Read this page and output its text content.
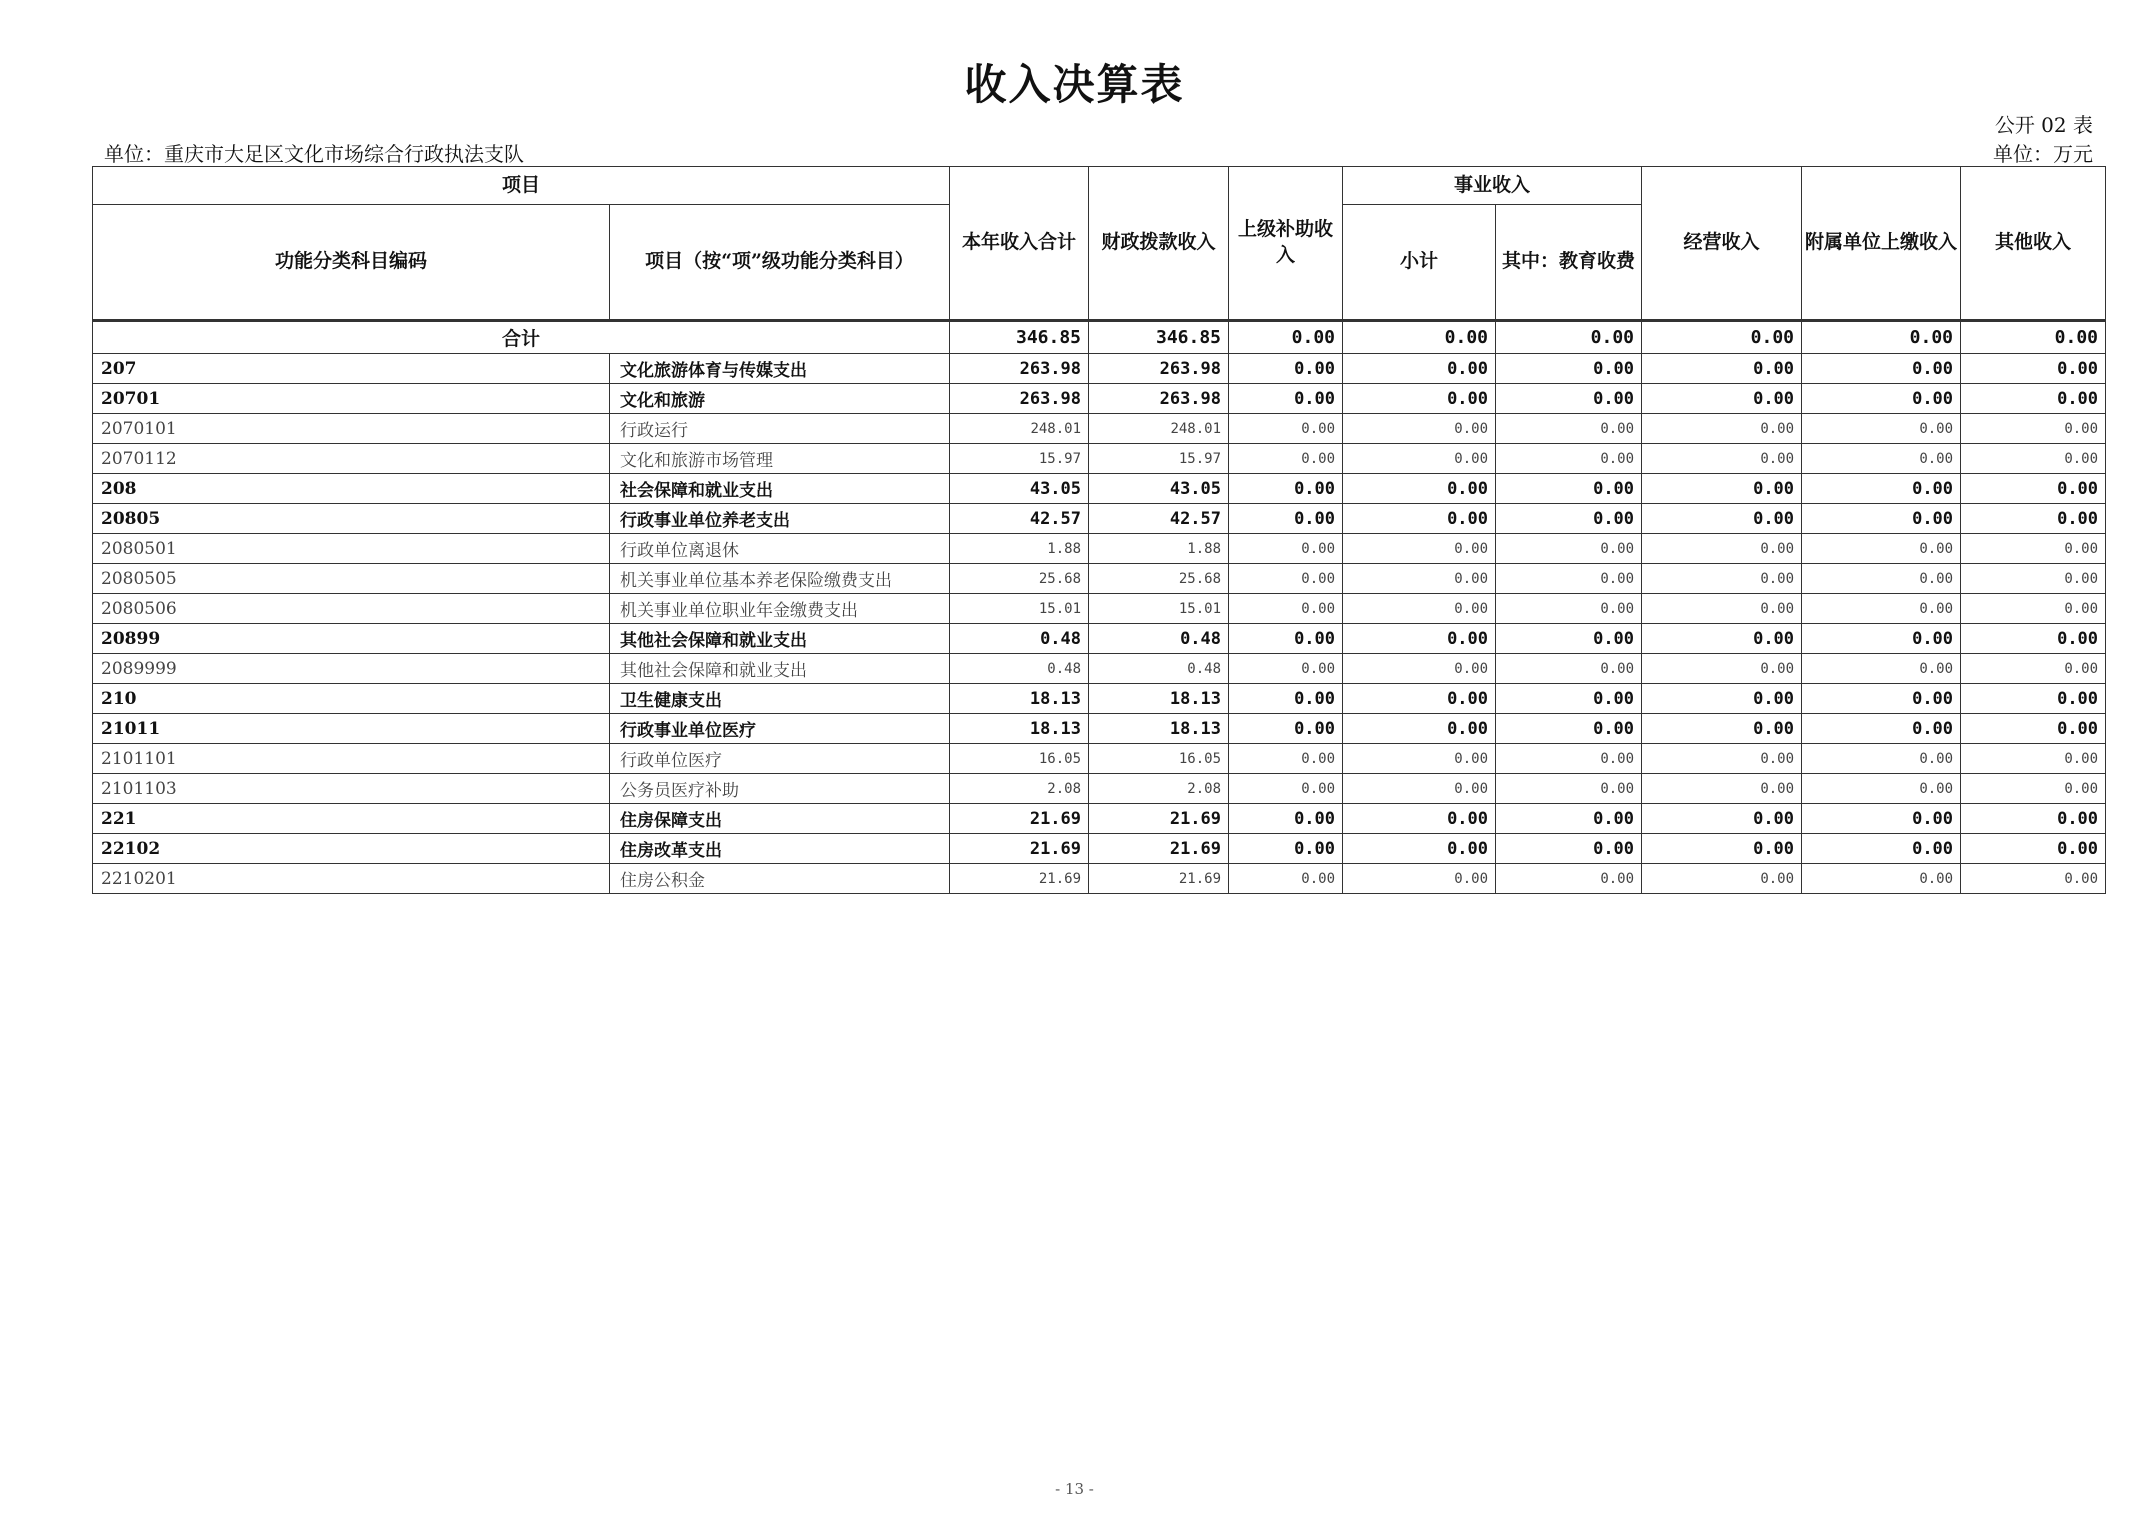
收入决算表
公开 02 表
单位：重庆市大足区文化市场综合行政执法支队	单位：万元
项目		本年收入合计	财政拨款收入	上级补助收入	事业收入		经营收入	附属单位上缴收入	其他收入
功能分类科目编码	项目（按“项”级功能分类科目）				小计	其中：教育收费			
合计		346.85	346.85	0.00	0.00	0.00	0.00	0.00	0.00
207	文化旅游体育与传媒支出	263.98	263.98	0.00	0.00	0.00	0.00	0.00	0.00
20701	文化和旅游	263.98	263.98	0.00	0.00	0.00	0.00	0.00	0.00
2070101	行政运行	248.01	248.01	0.00	0.00	0.00	0.00	0.00	0.00
2070112	文化和旅游市场管理	15.97	15.97	0.00	0.00	0.00	0.00	0.00	0.00
208	社会保障和就业支出	43.05	43.05	0.00	0.00	0.00	0.00	0.00	0.00
20805	行政事业单位养老支出	42.57	42.57	0.00	0.00	0.00	0.00	0.00	0.00
2080501	行政单位离退休	1.88	1.88	0.00	0.00	0.00	0.00	0.00	0.00
2080505	机关事业单位基本养老保险缴费支出	25.68	25.68	0.00	0.00	0.00	0.00	0.00	0.00
2080506	机关事业单位职业年金缴费支出	15.01	15.01	0.00	0.00	0.00	0.00	0.00	0.00
20899	其他社会保障和就业支出	0.48	0.48	0.00	0.00	0.00	0.00	0.00	0.00
2089999	其他社会保障和就业支出	0.48	0.48	0.00	0.00	0.00	0.00	0.00	0.00
210	卫生健康支出	18.13	18.13	0.00	0.00	0.00	0.00	0.00	0.00
21011	行政事业单位医疗	18.13	18.13	0.00	0.00	0.00	0.00	0.00	0.00
2101101	行政单位医疗	16.05	16.05	0.00	0.00	0.00	0.00	0.00	0.00
2101103	公务员医疗补助	2.08	2.08	0.00	0.00	0.00	0.00	0.00	0.00
221	住房保障支出	21.69	21.69	0.00	0.00	0.00	0.00	0.00	0.00
22102	住房改革支出	21.69	21.69	0.00	0.00	0.00	0.00	0.00	0.00
2210201	住房公积金	21.69	21.69	0.00	0.00	0.00	0.00	0.00	0.00
- 13 -
